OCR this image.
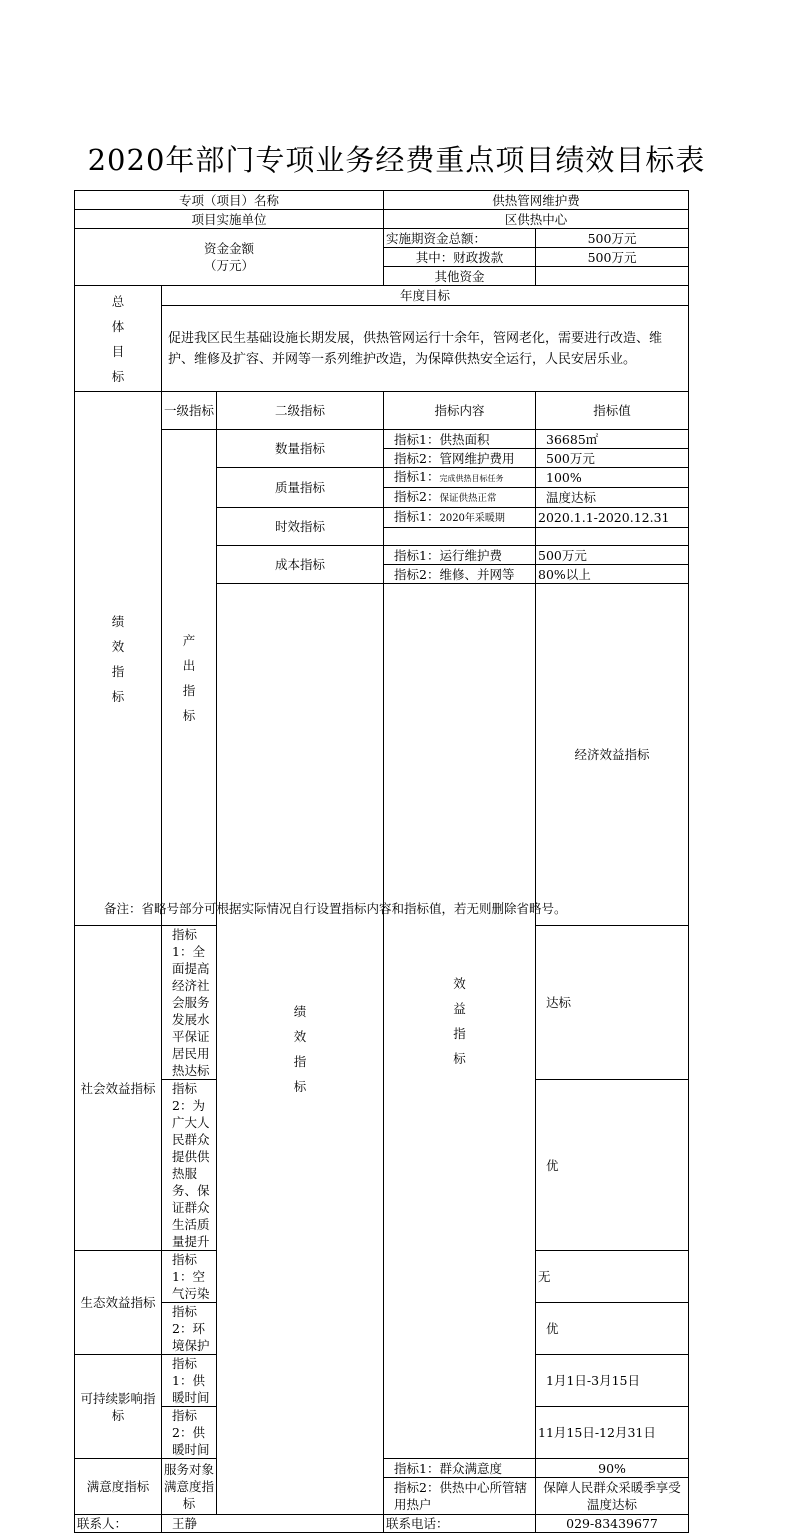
2020年部门专项业务经费重点项目绩效目标表
专项（项目）名称			供热管网维护费		
项目实施单位			区供热中心		

资金金额
（万元）			实施期资金总额：	500万元	
			其中：财政拨款	500万元	
			其他资金		

总体目标	年度目标				
	促进我区民生基础设施长期发展，供热管网运行十余年，管网老化，需要进行改造、维护、维修及扩容、并网等一系列维护改造，为保障供热安全运行，人民安居乐业。				

绩效指标	一级指标	二级指标	指标内容	指标值	

	产出指标	数量指标	指标1：供热面积	36685㎡	
			指标2：管网维护费用	500万元	
		质量指标	指标1：完成供热目标任务	100%	
			指标2：保证供热正常	温度达标	
		时效指标	指标1：2020年采暖期	2020.1.1-2020.12.31	

		成本指标	指标1：运行维护费	500万元	
			指标2：维修、并网等	80%以上	

		绩效指标	效益指标	经济效益指标		

社会效益指标	指标1：全面提高经济社会服务发展水平保证居民用热达标			达标	
	指标2：为广大人民群众提供供热服务、保证群众生活质量提升			优	
生态效益指标	指标1：空气污染			无	
	指标2：环境保护			优	
可持续影响指标	指标1：供暖时间			1月1日-3月15日	
	指标2：供暖时间			11月15日-12月31日	
满意度指标	服务对象满意度指标		指标1：群众满意度	90%	
			指标2：供热中心所管辖用热户	保障人民群众采暖季享受温度达标	
联系人：	王静		联系电话：	029-83439677	
备注：省略号部分可根据实际情况自行设置指标内容和指标值，若无则删除省略号。
